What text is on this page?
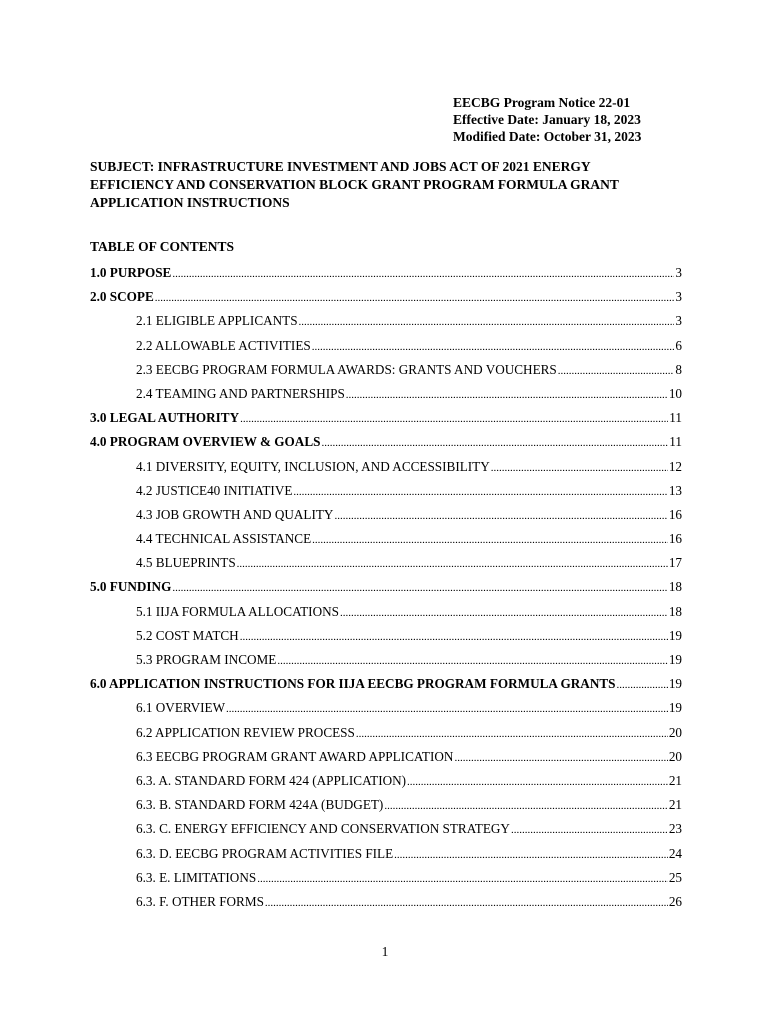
EECBG Program Notice 22-01
Effective Date: January 18, 2023
Modified Date: October 31, 2023
SUBJECT: INFRASTRUCTURE INVESTMENT AND JOBS ACT OF 2021 ENERGY
EFFICIENCY AND CONSERVATION BLOCK GRANT PROGRAM FORMULA GRANT
APPLICATION INSTRUCTIONS
TABLE OF CONTENTS
1.0 PURPOSE .....	3
2.0 SCOPE .....	3
2.1 ELIGIBLE APPLICANTS .....	3
2.2 ALLOWABLE ACTIVITIES .....	6
2.3 EECBG PROGRAM FORMULA AWARDS: GRANTS AND VOUCHERS .....	8
2.4 TEAMING AND PARTNERSHIPS .....	10
3.0 LEGAL AUTHORITY .....	11
4.0 PROGRAM OVERVIEW & GOALS .....	11
4.1 DIVERSITY, EQUITY, INCLUSION, AND ACCESSIBILITY .....	12
4.2 JUSTICE40 INITIATIVE .....	13
4.3 JOB GROWTH AND QUALITY .....	16
4.4 TECHNICAL ASSISTANCE .....	16
4.5 BLUEPRINTS .....	17
5.0 FUNDING .....	18
5.1 IIJA FORMULA ALLOCATIONS .....	18
5.2 COST MATCH .....	19
5.3 PROGRAM INCOME .....	19
6.0 APPLICATION INSTRUCTIONS FOR IIJA EECBG PROGRAM FORMULA GRANTS .....	19
6.1 OVERVIEW .....	19
6.2 APPLICATION REVIEW PROCESS .....	20
6.3 EECBG PROGRAM GRANT AWARD APPLICATION .....	20
6.3. A. STANDARD FORM 424 (APPLICATION) .....	21
6.3. B. STANDARD FORM 424A (BUDGET) .....	21
6.3. C. ENERGY EFFICIENCY AND CONSERVATION STRATEGY .....	23
6.3. D. EECBG PROGRAM ACTIVITIES FILE .....	24
6.3. E. LIMITATIONS .....	25
6.3. F. OTHER FORMS .....	26
1
